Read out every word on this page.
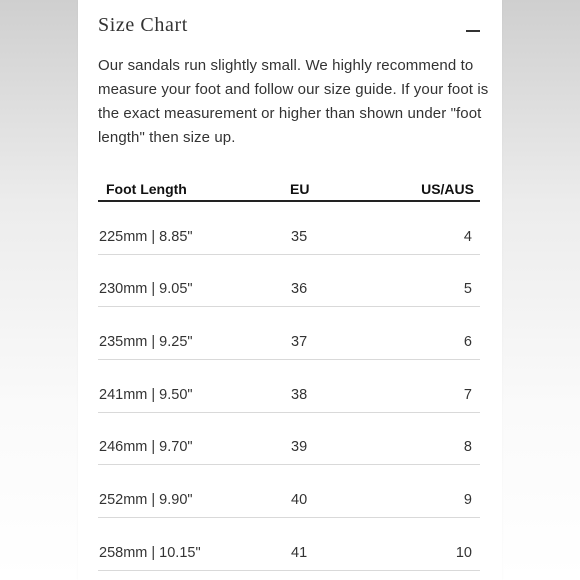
Size Chart
Our sandals run slightly small. We highly recommend to measure your foot and follow our size guide. If your foot is the exact measurement or higher than shown under "foot length" then size up.
Foot Length	EU	US/AUS
225mm | 8.85"	35	4
230mm | 9.05"	36	5
235mm | 9.25"	37	6
241mm | 9.50"	38	7
246mm | 9.70"	39	8
252mm | 9.90"	40	9
258mm | 10.15"	41	10
